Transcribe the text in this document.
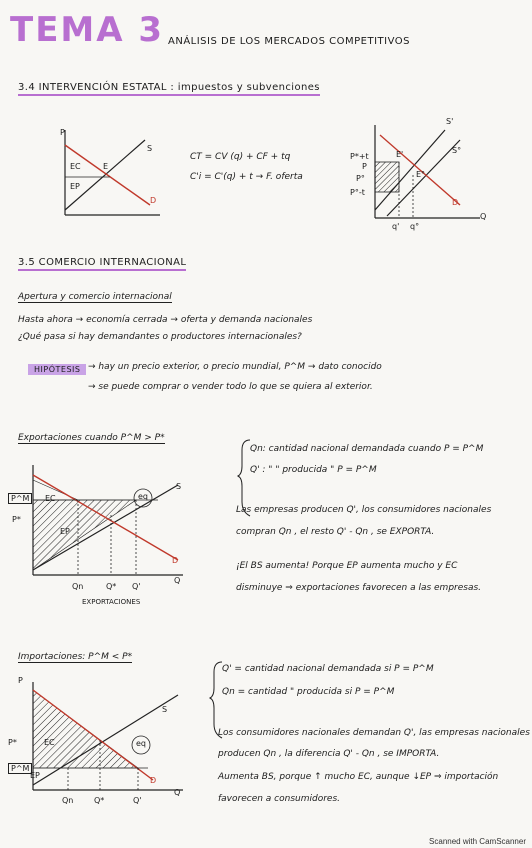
TEMA 3 ANÁLISIS DE LOS MERCADOS COMPETITIVOS
3.4 INTERVENCIÓN ESTATAL : impuestos y subvenciones
P
S
D
EC
EP
E
CT = CV (q) + CF + tq
C'i = C'(q) + t → F. oferta
P*+t
P
P°
P°-t
S'
S°
E'
E°
D
q' q°
Q
3.5 COMERCIO INTERNACIONAL
Apertura y comercio internacional
Hasta ahora → economía cerrada → oferta y demanda nacionales
¿Qué pasa si hay demandantes o productores internacionales?
HIPÓTESIS → hay un precio exterior, o precio mundial, P^M → dato conocido
→ se puede comprar o vender todo lo que se quiera al exterior.
Exportaciones cuando P^M > P*
P^M
P*
EC
EP
eq
S
D
Q
Qn	Q* Q'
EXPORTACIONES
Qn: cantidad nacional demandada cuando P = P^M
Q' : " " producida " P = P^M
Las empresas producen Q', los consumidores nacionales
compran Qn , el resto Q' - Qn , se EXPORTA.
¡El BS aumenta! Porque EP aumenta mucho y EC
disminuye ⇒ exportaciones favorecen a las empresas.
Importaciones: P^M < P*
P
P*
P^M
EC
EP
eq
S
D
Q
Qn	Q*	Q'
Q' = cantidad nacional demandada si P = P^M
Qn = cantidad " producida si P = P^M
Los consumidores nacionales demandan Q', las empresas nacionales
producen Qn , la diferencia Q' - Qn , se IMPORTA.
Aumenta BS, porque ↑ mucho EC, aunque ↓EP ⇒ importación
favorecen a consumidores.
Scanned with CamScanner
